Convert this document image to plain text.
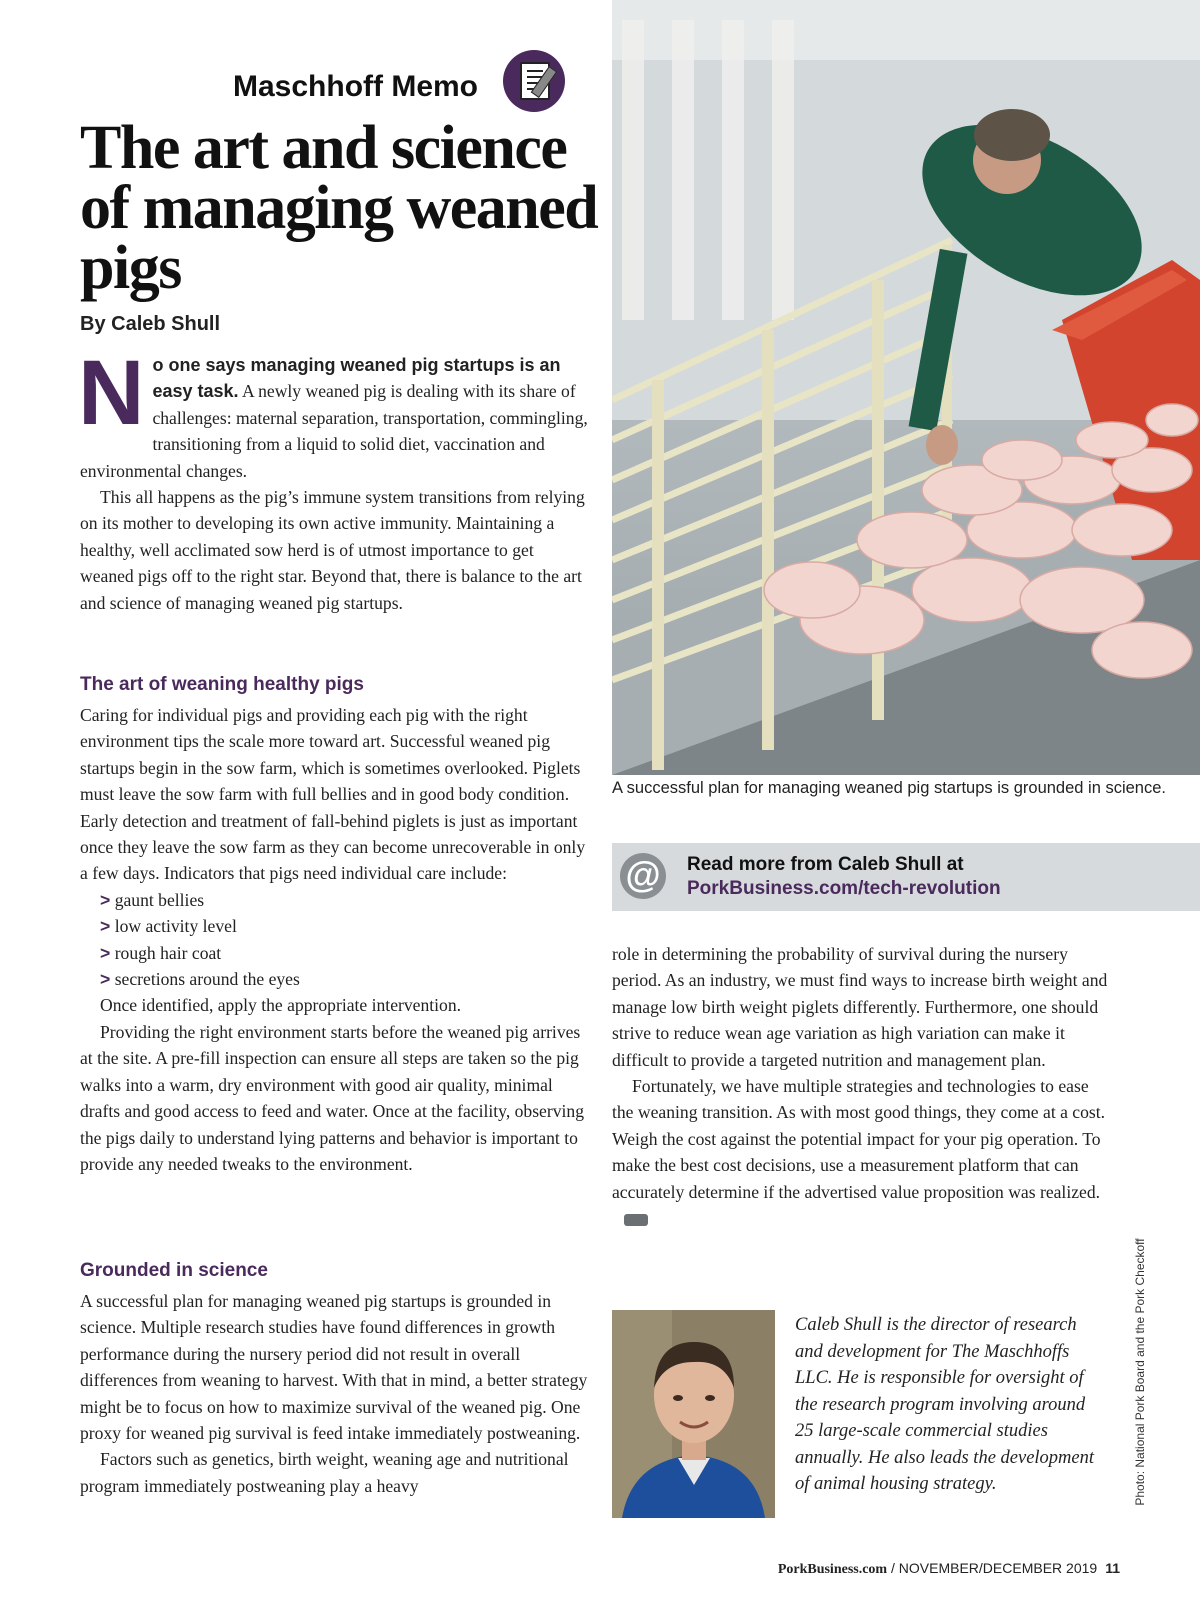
Maschhoff Memo
The art and science of managing weaned pigs
By Caleb Shull

No one says managing weaned pig startups is an easy task. A newly weaned pig is dealing with its share of challenges: maternal separation, transportation, commingling, transitioning from a liquid to solid diet, vaccination and environmental changes.

This all happens as the pig’s immune system transitions from relying on its mother to developing its own active immunity. Maintaining a healthy, well acclimated sow herd is of utmost importance to get weaned pigs off to the right star. Beyond that, there is balance to the art and science of managing weaned pig startups.

The art of weaning healthy pigs

Caring for individual pigs and providing each pig with the right environment tips the scale more toward art. Successful weaned pig startups begin in the sow farm, which is sometimes overlooked. Piglets must leave the sow farm with full bellies and in good body condition. Early detection and treatment of fall-behind piglets is just as important once they leave the sow farm as they can become unrecoverable in only a few days. Indicators that pigs need individual care include:

> gaunt bellies
> low activity level
> rough hair coat
> secretions around the eyes

Once identified, apply the appropriate intervention.

Providing the right environment starts before the weaned pig arrives at the site. A pre-fill inspection can ensure all steps are taken so the pig walks into a warm, dry environment with good air quality, minimal drafts and good access to feed and water. Once at the facility, observing the pigs daily to understand lying patterns and behavior is important to provide any needed tweaks to the environment.

Grounded in science

A successful plan for managing weaned pig startups is grounded in science. Multiple research studies have found differences in growth performance during the nursery period did not result in overall differences from weaning to harvest. With that in mind, a better strategy might be to focus on how to maximize survival of the weaned pig. One proxy for weaned pig survival is feed intake immediately postweaning.

Factors such as genetics, birth weight, weaning age and nutritional program immediately postweaning play a heavy

A successful plan for managing weaned pig startups is grounded in science.
@ Read more from Caleb Shull at
PorkBusiness.com/tech-revolution

role in determining the probability of survival during the nursery period. As an industry, we must find ways to increase birth weight and manage low birth weight piglets differently. Furthermore, one should strive to reduce wean age variation as high variation can make it difficult to provide a targeted nutrition and management plan.

Fortunately, we have multiple strategies and technologies to ease the weaning transition. As with most good things, they come at a cost. Weigh the cost against the potential impact for your pig operation. To make the best cost decisions, use a measurement platform that can accurately determine if the advertised value proposition was realized.

Caleb Shull is the director of research and development for The Maschhoffs LLC. He is responsible for oversight of the research program involving around 25 large-scale commercial studies annually. He also leads the development of animal housing strategy.	Photo: National Pork Board and the Pork Checkoff
PorkBusiness.com / NOVEMBER/DECEMBER 2019 11
